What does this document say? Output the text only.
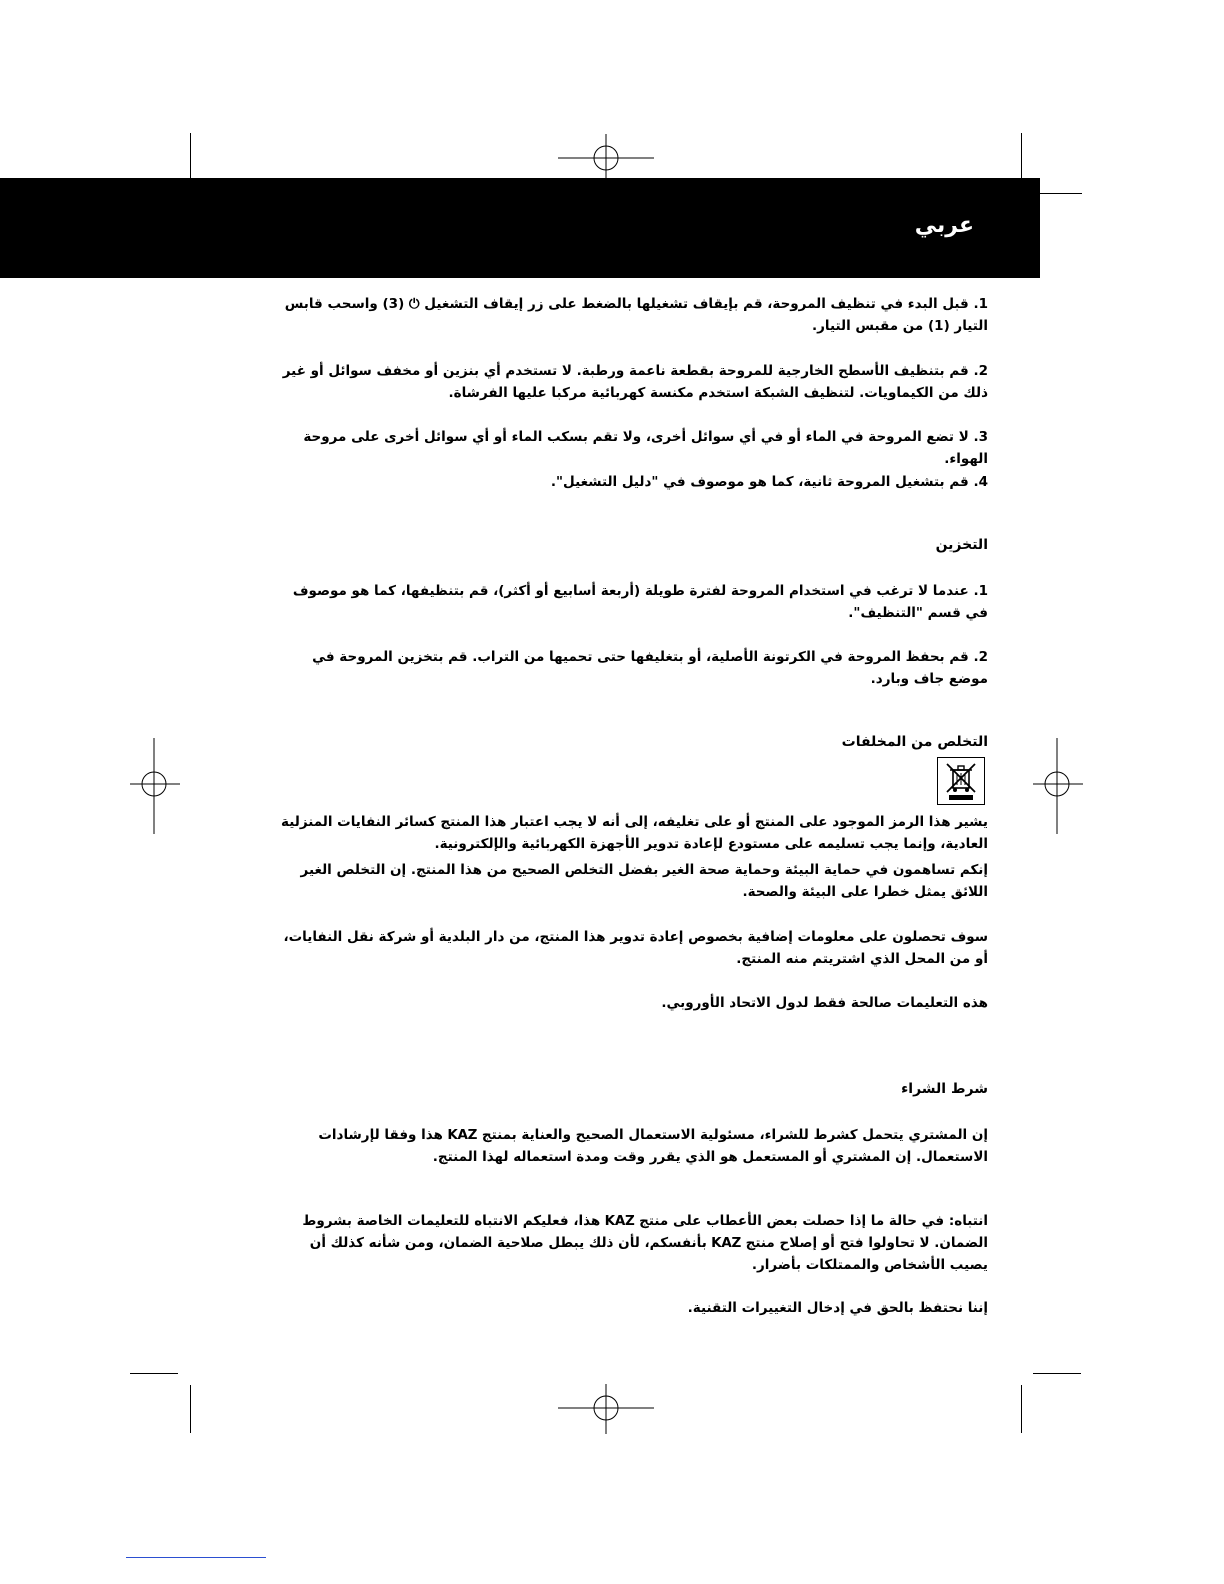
عربي

1. قبل البدء في تنظيف المروحة، قم بإيقاف تشغيلها بالضغط على زر إيقاف التشغيل ⏻ (3) واسحب قابس التيار (1) من مقبس التيار.

2. قم بتنظيف الأسطح الخارجية للمروحة بقطعة ناعمة ورطبة. لا تستخدم أي بنزين أو مخفف سوائل أو غير ذلك من الكيماويات. لتنظيف الشبكة استخدم مكنسة كهربائية مركبا عليها الفرشاة.

3. لا تضع المروحة في الماء أو في أي سوائل أخرى، ولا تقم بسكب الماء أو أي سوائل أخرى على مروحة الهواء.

4. قم بتشغيل المروحة ثانية، كما هو موصوف في "دليل التشغيل".

التخزين

1. عندما لا ترغب في استخدام المروحة لفترة طويلة (أربعة أسابيع أو أكثر)، قم بتنظيفها، كما هو موصوف في قسم "التنظيف".

2. قم بحفظ المروحة في الكرتونة الأصلية، أو بتغليفها حتى تحميها من التراب. قم بتخزين المروحة في موضع جاف وبارد.

التخلص من المخلفات

يشير هذا الرمز الموجود على المنتج أو على تغليفه، إلى أنه لا يجب اعتبار هذا المنتج كسائر النفايات المنزلية العادية، وإنما يجب تسليمه على مستودع لإعادة تدوير الأجهزة الكهربائية والإلكترونية.

إنكم تساهمون في حماية البيئة وحماية صحة الغير بفضل التخلص الصحيح من هذا المنتج. إن التخلص الغير اللائق يمثل خطرا على البيئة والصحة.

سوف تحصلون على معلومات إضافية بخصوص إعادة تدوير هذا المنتج، من دار البلدية أو شركة نقل النفايات، أو من المحل الذي اشتريتم منه المنتج.

هذه التعليمات صالحة فقط لدول الاتحاد الأوروبي.

شرط الشراء

إن المشتري يتحمل كشرط للشراء، مسئولية الاستعمال الصحيح والعناية بمنتج KAZ هذا وفقا لإرشادات الاستعمال. إن المشتري أو المستعمل هو الذي يقرر وقت ومدة استعماله لهذا المنتج.

انتباه: في حالة ما إذا حصلت بعض الأعطاب على منتج KAZ هذا، فعليكم الانتباه للتعليمات الخاصة بشروط الضمان. لا تحاولوا فتح أو إصلاح منتج KAZ بأنفسكم، لأن ذلك يبطل صلاحية الضمان، ومن شأنه كذلك أن يصيب الأشخاص والممتلكات بأضرار.

إننا نحتفظ بالحق في إدخال التغييرات التقنية.
